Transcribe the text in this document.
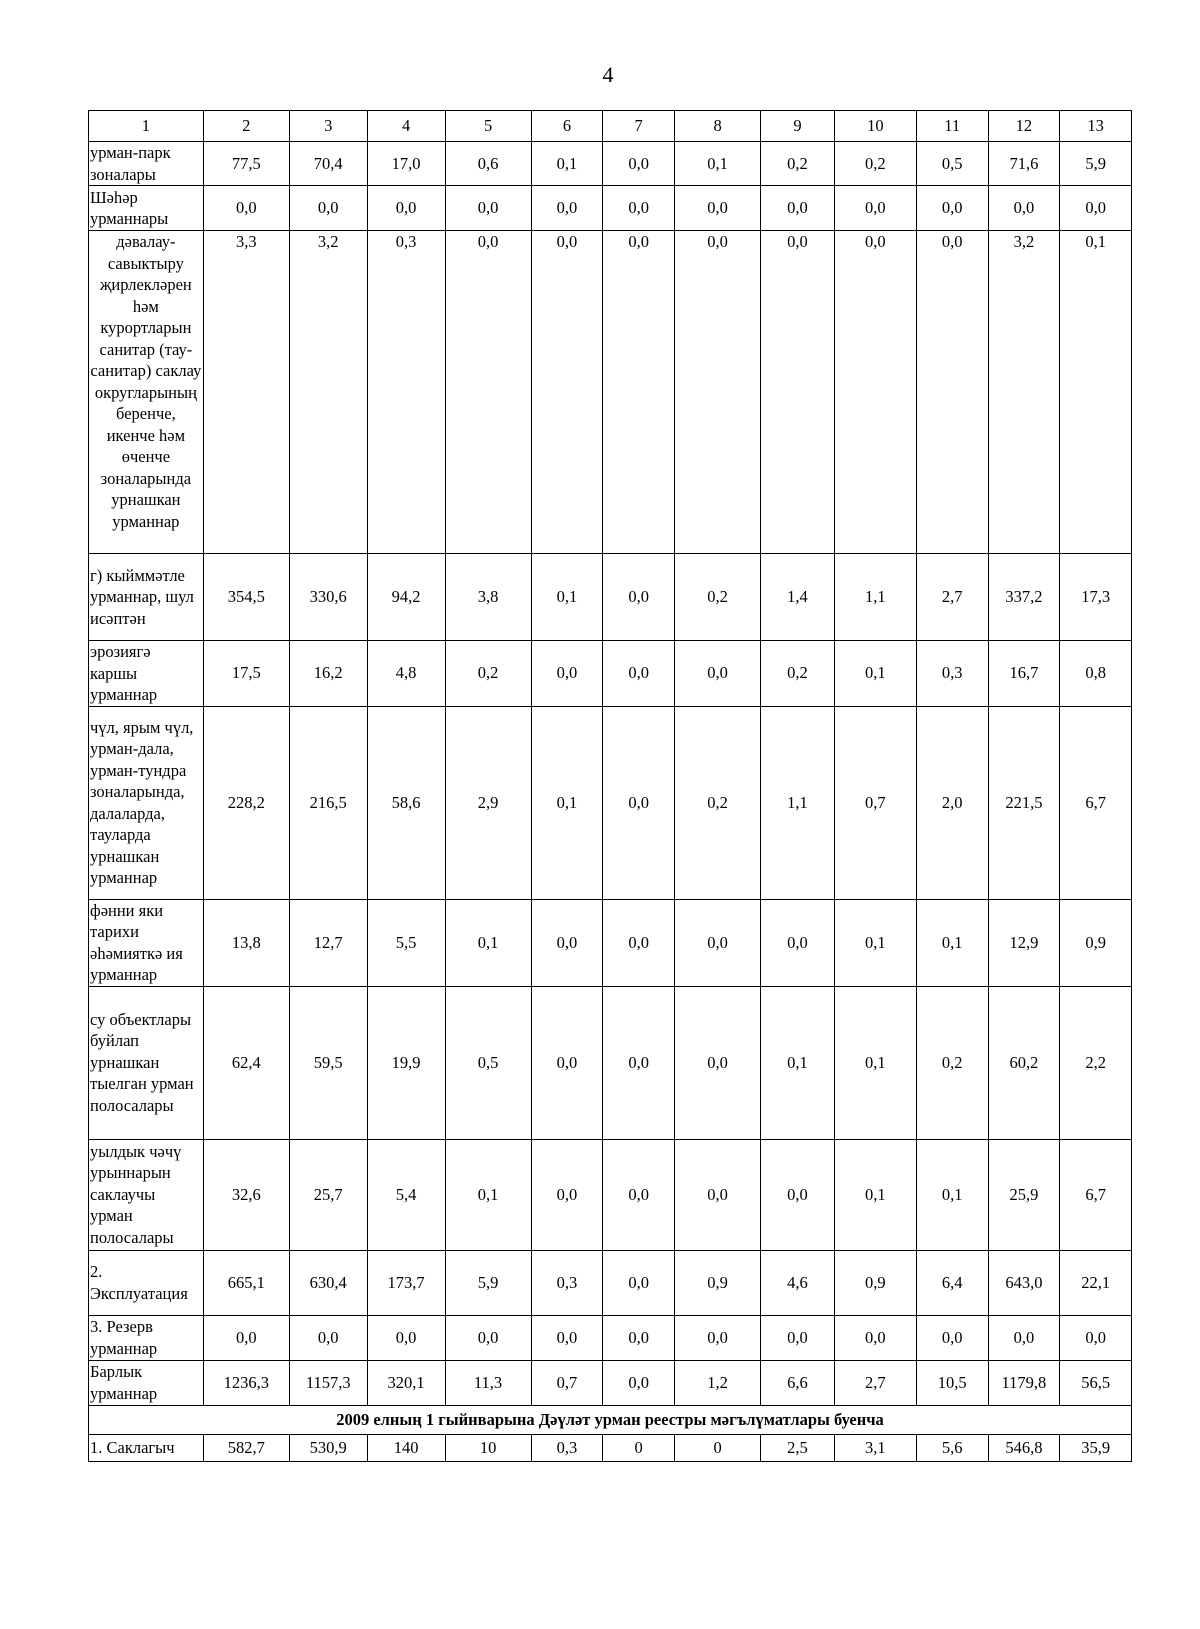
4
1	2	3	4	5	6	7	8	9	10	11	12	13
урман-парк зоналары	77,5	70,4	17,0	0,6	0,1	0,0	0,1	0,2	0,2	0,5	71,6	5,9
Шәһәр урманнары	0,0	0,0	0,0	0,0	0,0	0,0	0,0	0,0	0,0	0,0	0,0	0,0
дәвалау-савыктыру җирлекләрен һәм курортларын санитар (тау-санитар) саклау округларының беренче, икенче һәм өченче зоналарында урнашкан урманнар	3,3	3,2	0,3	0,0	0,0	0,0	0,0	0,0	0,0	0,0	3,2	0,1
г) кыйммәтле урманнар, шул исәптән	354,5	330,6	94,2	3,8	0,1	0,0	0,2	1,4	1,1	2,7	337,2	17,3
эрозиягә каршы урманнар	17,5	16,2	4,8	0,2	0,0	0,0	0,0	0,2	0,1	0,3	16,7	0,8
чүл, ярым чүл, урман-дала, урман-тундра зоналарында, далаларда, тауларда урнашкан урманнар	228,2	216,5	58,6	2,9	0,1	0,0	0,2	1,1	0,7	2,0	221,5	6,7
фәнни яки тарихи әһәмияткә ия урманнар	13,8	12,7	5,5	0,1	0,0	0,0	0,0	0,0	0,1	0,1	12,9	0,9
су объектлары буйлап урнашкан тыелган урман полосалары	62,4	59,5	19,9	0,5	0,0	0,0	0,0	0,1	0,1	0,2	60,2	2,2
уылдык чәчү урыннарын саклаучы урман полосалары	32,6	25,7	5,4	0,1	0,0	0,0	0,0	0,0	0,1	0,1	25,9	6,7
2. Эксплуатация	665,1	630,4	173,7	5,9	0,3	0,0	0,9	4,6	0,9	6,4	643,0	22,1
3. Резерв урманнар	0,0	0,0	0,0	0,0	0,0	0,0	0,0	0,0	0,0	0,0	0,0	0,0
Барлык урманнар	1236,3	1157,3	320,1	11,3	0,7	0,0	1,2	6,6	2,7	10,5	1179,8	56,5
2009 елның 1 гыйнварына Дәүләт урман реестры мәгълүматлары буенча												
1. Саклагыч	582,7	530,9	140	10	0,3	0	0	2,5	3,1	5,6	546,8	35,9
